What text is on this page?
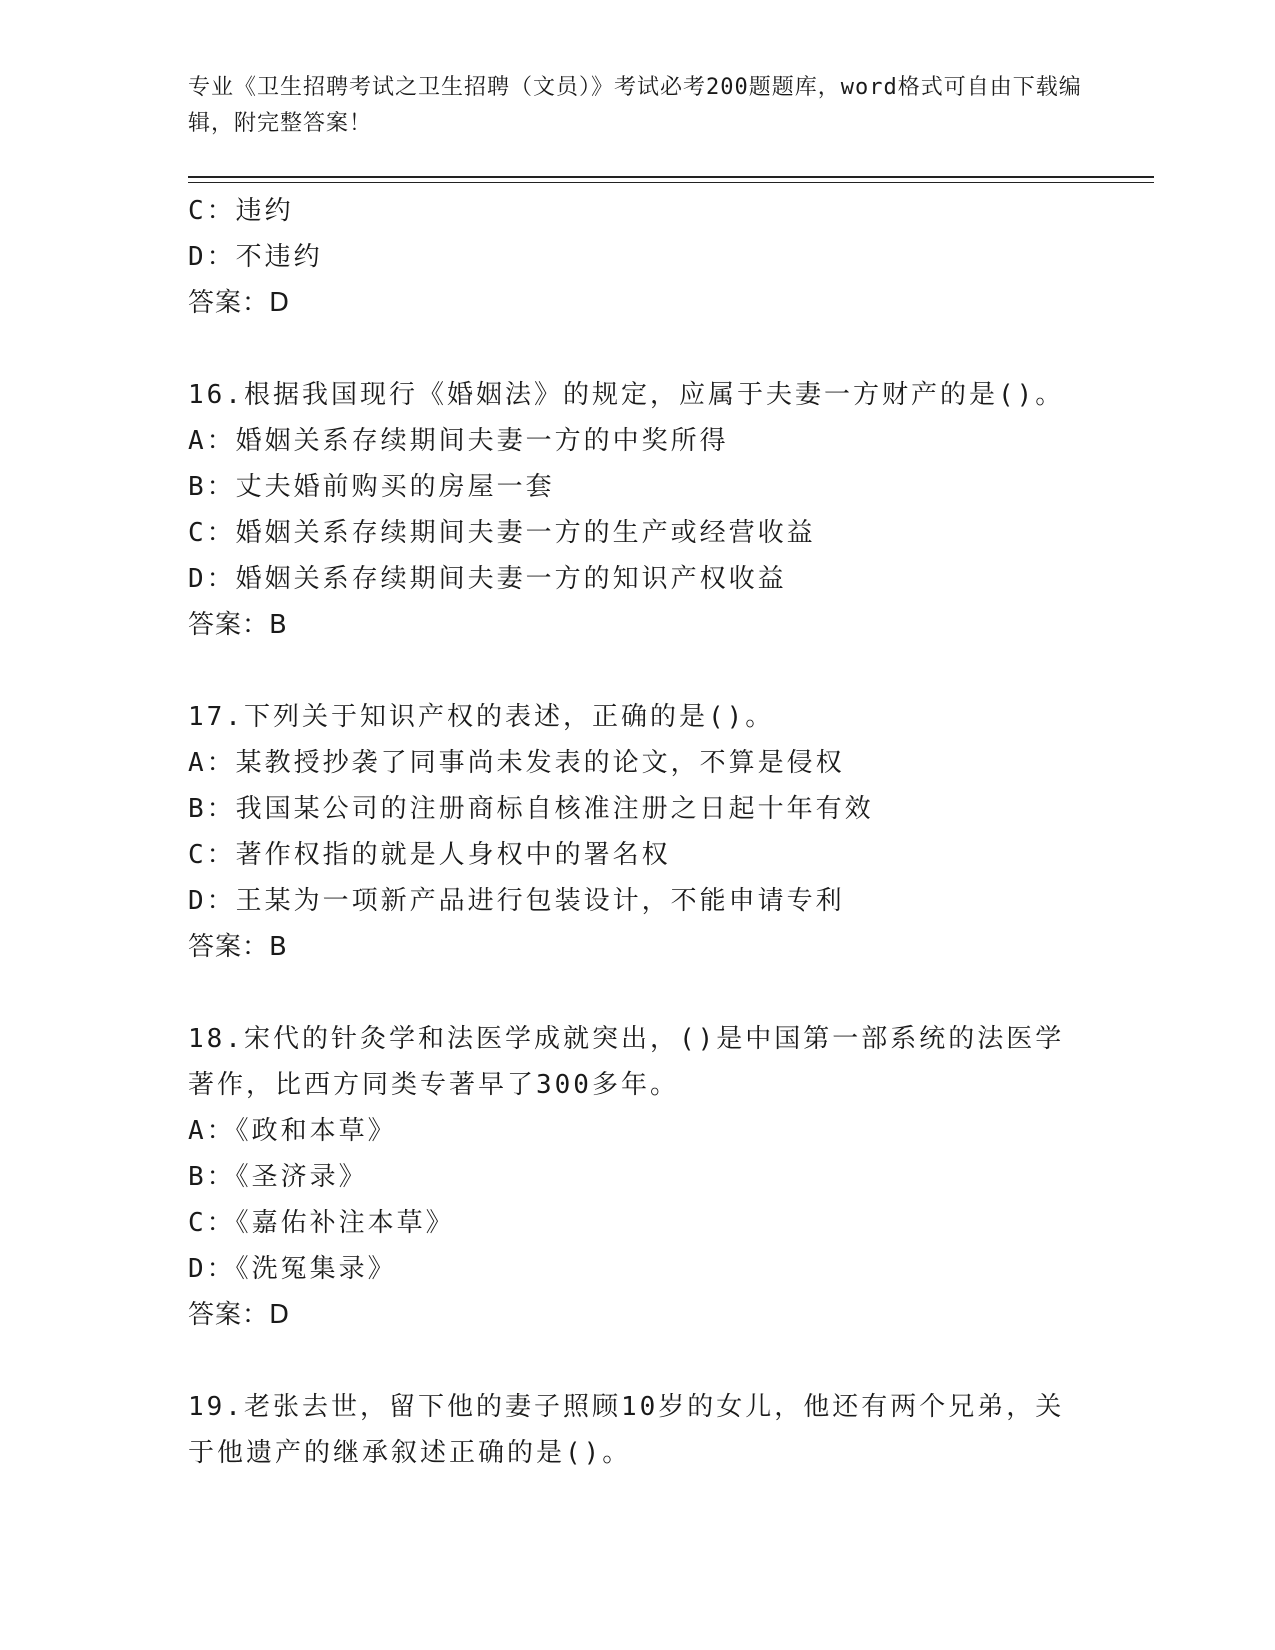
专业《卫生招聘考试之卫生招聘（文员）》考试必考200题题库，word格式可自由下载编辑，附完整答案！
C：违约
D：不违约
答案：D
16.根据我国现行《婚姻法》的规定，应属于夫妻一方财产的是()。
A：婚姻关系存续期间夫妻一方的中奖所得
B：丈夫婚前购买的房屋一套
C：婚姻关系存续期间夫妻一方的生产或经营收益
D：婚姻关系存续期间夫妻一方的知识产权收益
答案：B
17.下列关于知识产权的表述，正确的是()。
A：某教授抄袭了同事尚未发表的论文，不算是侵权
B：我国某公司的注册商标自核准注册之日起十年有效
C：著作权指的就是人身权中的署名权
D：王某为一项新产品进行包装设计，不能申请专利
答案：B
18.宋代的针灸学和法医学成就突出，()是中国第一部系统的法医学著作，比西方同类专著早了300多年。
A：《政和本草》
B：《圣济录》
C：《嘉佑补注本草》
D：《洗冤集录》
答案：D
19.老张去世，留下他的妻子照顾10岁的女儿，他还有两个兄弟，关于他遗产的继承叙述正确的是()。
